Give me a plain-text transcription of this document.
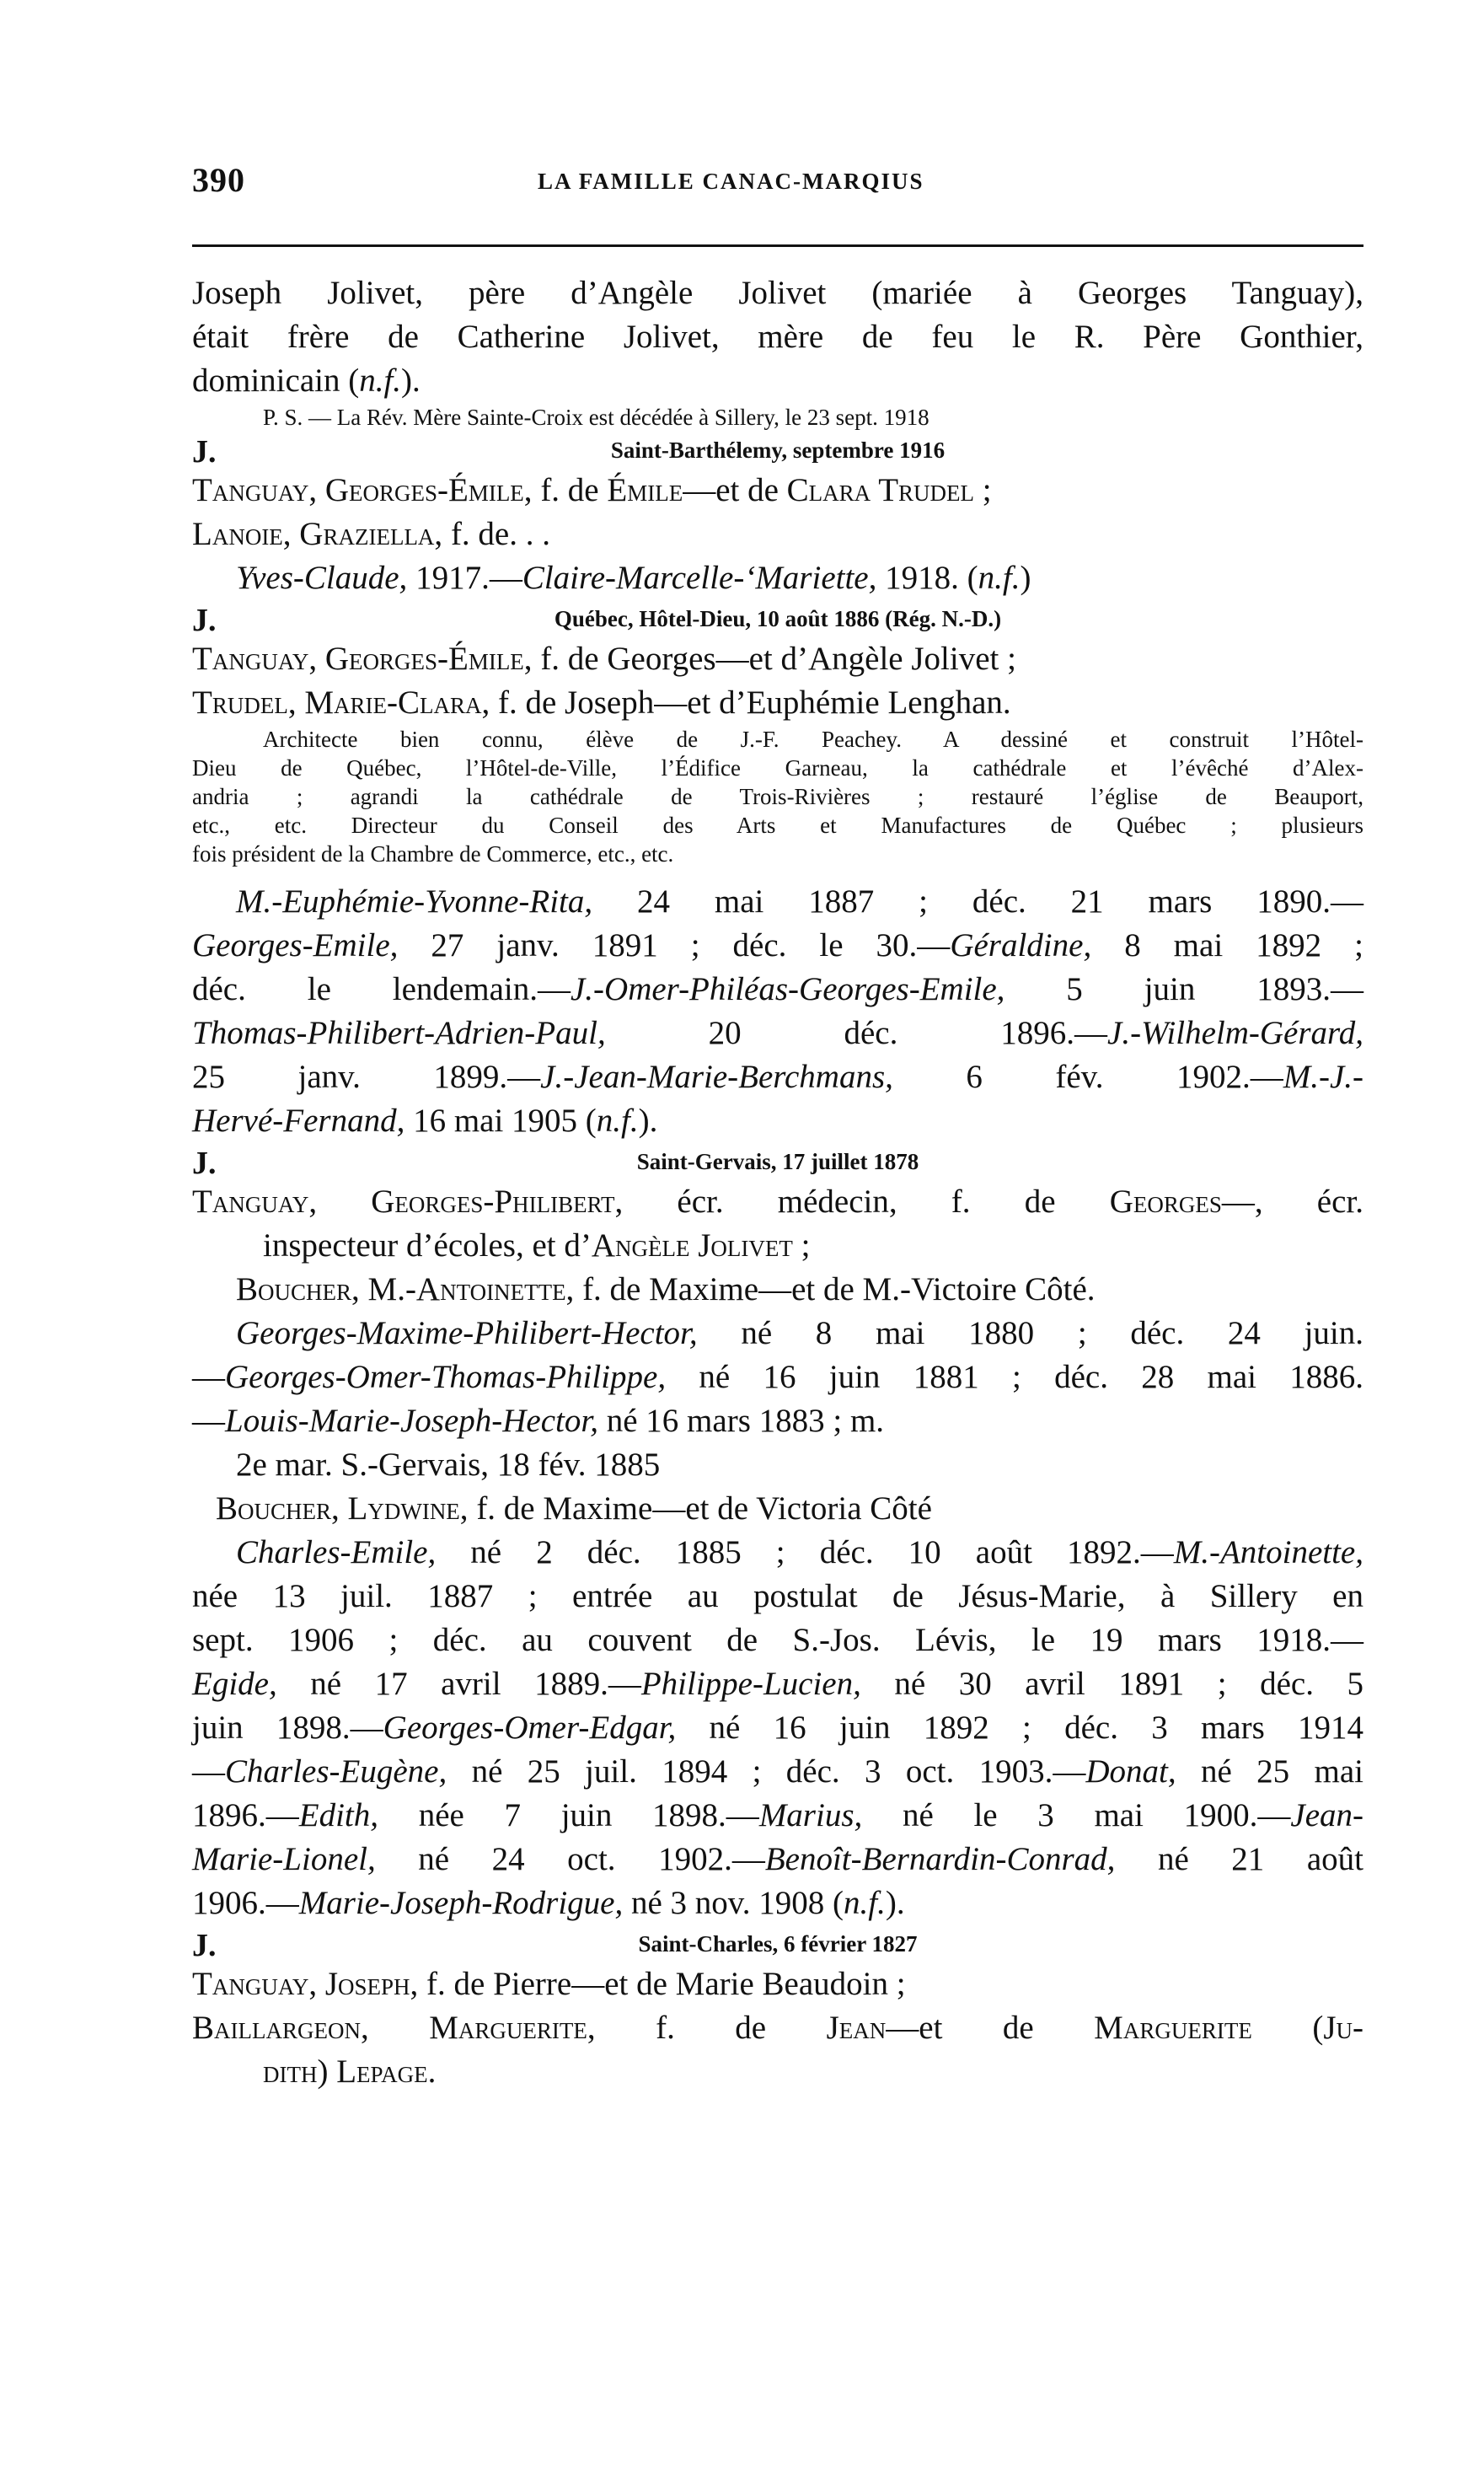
390	LA FAMILLE CANAC-MARQIUS
Joseph Jolivet, père d’Angèle Jolivet (mariée à Georges Tanguay),
était frère de Catherine Jolivet, mère de feu le R. Père Gonthier,
dominicain (n.f.).
P. S. — La Rév. Mère Sainte-Croix est décédée à Sillery, le 23 sept. 1918
J.	Saint-Barthélemy, septembre 1916
Tanguay, Georges-Émile, f. de Émile—et de Clara Trudel ;
Lanoie, Graziella, f. de. . .
Yves-Claude, 1917.—Claire-Marcelle-‘Mariette, 1918. (n.f.)
J.	Québec, Hôtel-Dieu, 10 août 1886 (Rég. N.-D.)
Tanguay, Georges-Émile, f. de Georges—et d’Angèle Jolivet ;
Trudel, Marie-Clara, f. de Joseph—et d’Euphémie Lenghan.
Architecte bien connu, élève de J.-F. Peachey. A dessiné et construit l’Hôtel-
Dieu de Québec, l’Hôtel-de-Ville, l’Édifice Garneau, la cathédrale et l’évêché d’Alex-
andria ; agrandi la cathédrale de Trois-Rivières ; restauré l’église de Beauport,
etc., etc. Directeur du Conseil des Arts et Manufactures de Québec ; plusieurs
fois président de la Chambre de Commerce, etc., etc.
M.-Euphémie-Yvonne-Rita, 24 mai 1887 ; déc. 21 mars 1890.—
Georges-Emile, 27 janv. 1891 ; déc. le 30.—Géraldine, 8 mai 1892 ;
déc. le lendemain.—J.-Omer-Philéas-Georges-Emile, 5 juin 1893.—
Thomas-Philibert-Adrien-Paul, 20 déc. 1896.—J.-Wilhelm-Gérard,
25 janv. 1899.—J.-Jean-Marie-Berchmans, 6 fév. 1902.—M.-J.-
Hervé-Fernand, 16 mai 1905 (n.f.).
J.	Saint-Gervais, 17 juillet 1878
Tanguay, Georges-Philibert, écr. médecin, f. de Georges—, écr.
inspecteur d’écoles, et d’Angèle Jolivet ;
Boucher, M.-Antoinette, f. de Maxime—et de M.-Victoire Côté.
Georges-Maxime-Philibert-Hector, né 8 mai 1880 ; déc. 24 juin.
—Georges-Omer-Thomas-Philippe, né 16 juin 1881 ; déc. 28 mai 1886.
—Louis-Marie-Joseph-Hector, né 16 mars 1883 ; m.
2e mar. S.-Gervais, 18 fév. 1885
Boucher, Lydwine, f. de Maxime—et de Victoria Côté
Charles-Emile, né 2 déc. 1885 ; déc. 10 août 1892.—M.-Antoinette,
née 13 juil. 1887 ; entrée au postulat de Jésus-Marie, à Sillery en
sept. 1906 ; déc. au couvent de S.-Jos. Lévis, le 19 mars 1918.—
Egide, né 17 avril 1889.—Philippe-Lucien, né 30 avril 1891 ; déc. 5
juin 1898.—Georges-Omer-Edgar, né 16 juin 1892 ; déc. 3 mars 1914
—Charles-Eugène, né 25 juil. 1894 ; déc. 3 oct. 1903.—Donat, né 25 mai
1896.—Edith, née 7 juin 1898.—Marius, né le 3 mai 1900.—Jean-
Marie-Lionel, né 24 oct. 1902.—Benoît-Bernardin-Conrad, né 21 août
1906.—Marie-Joseph-Rodrigue, né 3 nov. 1908 (n.f.).
J.	Saint-Charles, 6 février 1827
Tanguay, Joseph, f. de Pierre—et de Marie Beaudoin ;
Baillargeon, Marguerite, f. de Jean—et de Marguerite (Ju-
dith) Lepage.
